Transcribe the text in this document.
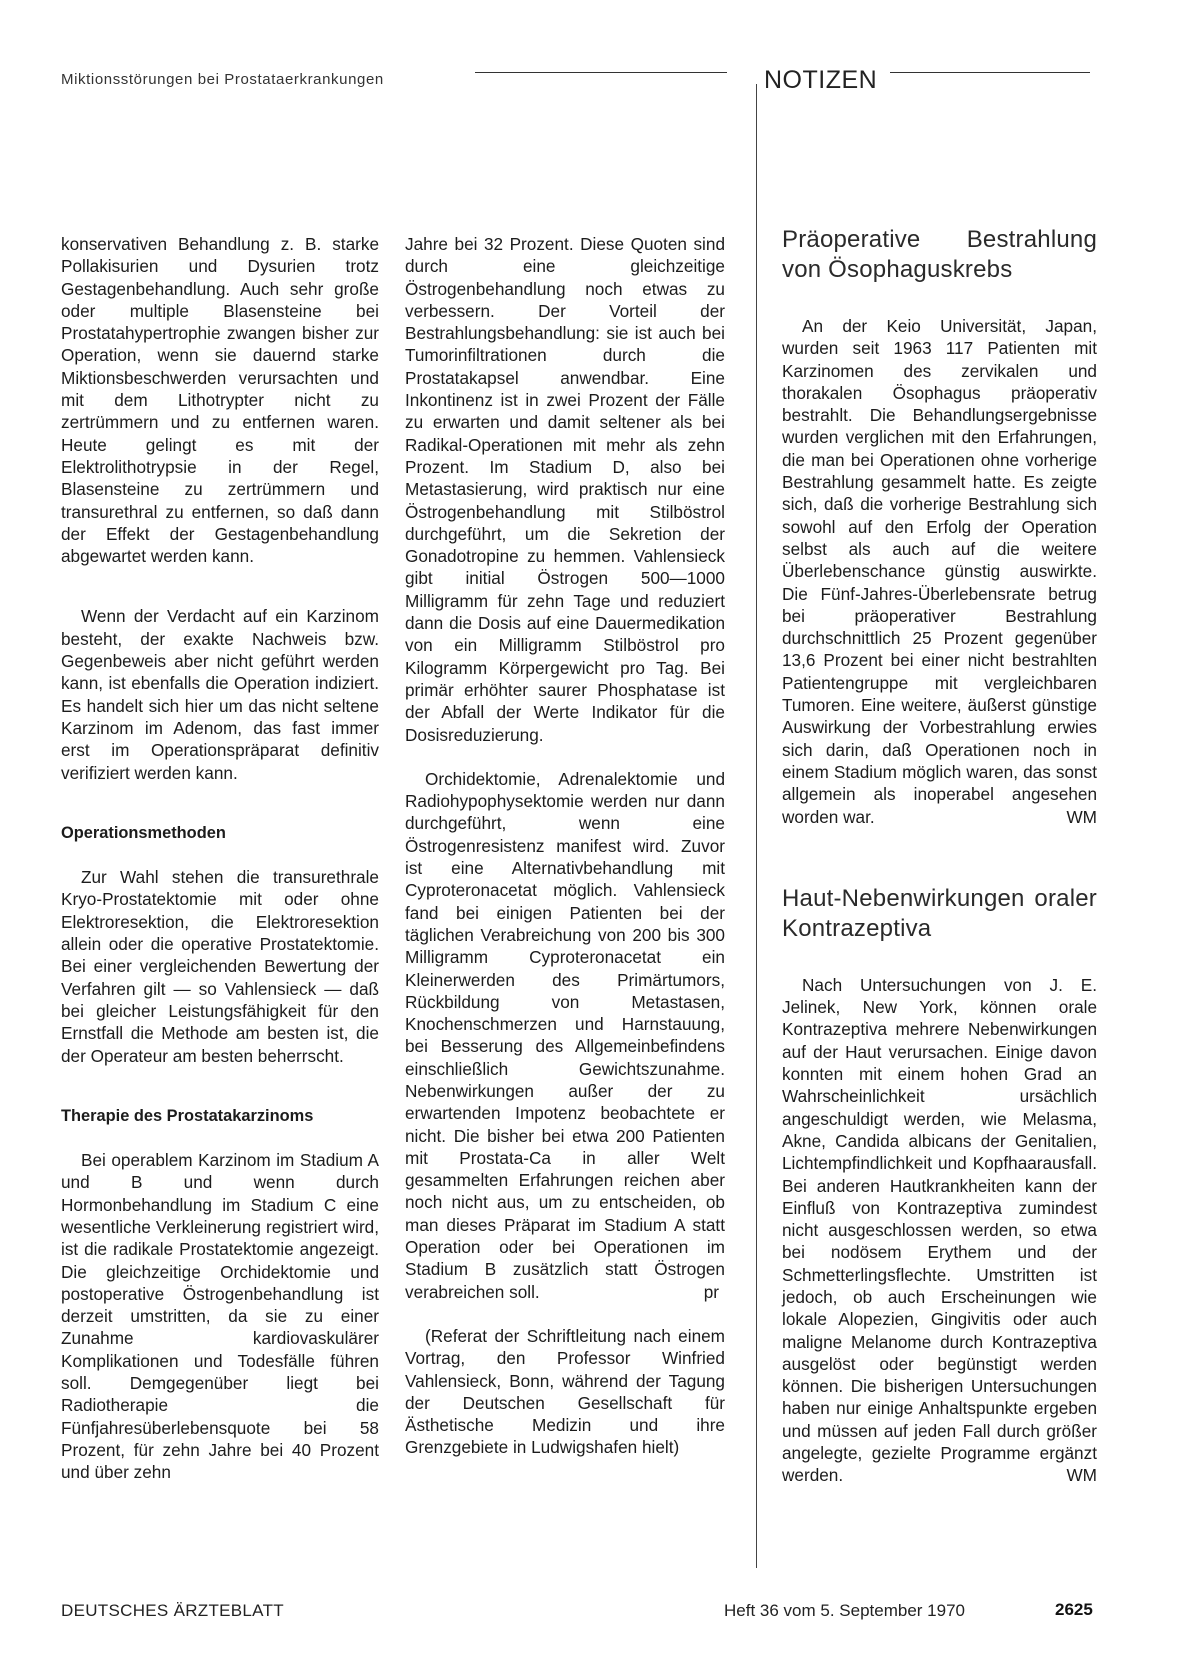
Miktionsstörungen bei Prostataerkrankungen	NOTIZEN

konservativen Behandlung z. B. starke Pollakisurien und Dysurien trotz Gestagenbehandlung. Auch sehr große oder multiple Blasensteine bei Prostatahypertrophie zwangen bisher zur Operation, wenn sie dauernd starke Miktionsbeschwerden verursachten und mit dem Lithotrypter nicht zu zertrümmern und zu entfernen waren. Heute gelingt es mit der Elektrolithotrypsie in der Regel, Blasensteine zu zertrümmern und transurethral zu entfernen, so daß dann der Effekt der Gestagenbehandlung abgewartet werden kann.

Wenn der Verdacht auf ein Karzinom besteht, der exakte Nachweis bzw. Gegenbeweis aber nicht geführt werden kann, ist ebenfalls die Operation indiziert. Es handelt sich hier um das nicht seltene Karzinom im Adenom, das fast immer erst im Operationspräparat definitiv verifiziert werden kann.

Operationsmethoden

Zur Wahl stehen die transurethrale Kryo-Prostatektomie mit oder ohne Elektroresektion, die Elektroresektion allein oder die operative Prostatektomie. Bei einer vergleichenden Bewertung der Verfahren gilt — so Vahlensieck — daß bei gleicher Leistungsfähigkeit für den Ernstfall die Methode am besten ist, die der Operateur am besten beherrscht.

Therapie des Prostatakarzinoms

Bei operablem Karzinom im Stadium A und B und wenn durch Hormonbehandlung im Stadium C eine wesentliche Verkleinerung registriert wird, ist die radikale Prostatektomie angezeigt. Die gleichzeitige Orchidektomie und postoperative Östrogenbehandlung ist derzeit umstritten, da sie zu einer Zunahme kardiovaskulärer Komplikationen und Todesfälle führen soll. Demgegenüber liegt bei Radiotherapie die Fünfjahresüberlebensquote bei 58 Prozent, für zehn Jahre bei 40 Prozent und über zehn

Jahre bei 32 Prozent. Diese Quoten sind durch eine gleichzeitige Östrogenbehandlung noch etwas zu verbessern. Der Vorteil der Bestrahlungsbehandlung: sie ist auch bei Tumorinfiltrationen durch die Prostatakapsel anwendbar. Eine Inkontinenz ist in zwei Prozent der Fälle zu erwarten und damit seltener als bei Radikal-Operationen mit mehr als zehn Prozent. Im Stadium D, also bei Metastasierung, wird praktisch nur eine Östrogenbehandlung mit Stilböstrol durchgeführt, um die Sekretion der Gonadotropine zu hemmen. Vahlensieck gibt initial Östrogen 500—1000 Milligramm für zehn Tage und reduziert dann die Dosis auf eine Dauermedikation von ein Milligramm Stilböstrol pro Kilogramm Körpergewicht pro Tag. Bei primär erhöhter saurer Phosphatase ist der Abfall der Werte Indikator für die Dosisreduzierung.

Orchidektomie, Adrenalektomie und Radiohypophysektomie werden nur dann durchgeführt, wenn eine Östrogenresistenz manifest wird. Zuvor ist eine Alternativbehandlung mit Cyproteronacetat möglich. Vahlensieck fand bei einigen Patienten bei der täglichen Verabreichung von 200 bis 300 Milligramm Cyproteronacetat ein Kleinerwerden des Primärtumors, Rückbildung von Metastasen, Knochenschmerzen und Harnstauung, bei Besserung des Allgemeinbefindens einschließlich Gewichtszunahme. Nebenwirkungen außer der zu erwartenden Impotenz beobachtete er nicht. Die bisher bei etwa 200 Patienten mit Prostata-Ca in aller Welt gesammelten Erfahrungen reichen aber noch nicht aus, um zu entscheiden, ob man dieses Präparat im Stadium A statt Operation oder bei Operationen im Stadium B zusätzlich statt Östrogen verabreichen soll.	pr

(Referat der Schriftleitung nach einem Vortrag, den Professor Winfried Vahlensieck, Bonn, während der Tagung der Deutschen Gesellschaft für Ästhetische Medizin und ihre Grenzgebiete in Ludwigshafen hielt)

Präoperative Bestrahlung von Ösophaguskrebs

An der Keio Universität, Japan, wurden seit 1963 117 Patienten mit Karzinomen des zervikalen und thorakalen Ösophagus präoperativ bestrahlt. Die Behandlungsergebnisse wurden verglichen mit den Erfahrungen, die man bei Operationen ohne vorherige Bestrahlung gesammelt hatte. Es zeigte sich, daß die vorherige Bestrahlung sich sowohl auf den Erfolg der Operation selbst als auch auf die weitere Überlebenschance günstig auswirkte. Die Fünf-Jahres-Überlebensrate betrug bei präoperativer Bestrahlung durchschnittlich 25 Prozent gegenüber 13,6 Prozent bei einer nicht bestrahlten Patientengruppe mit vergleichbaren Tumoren. Eine weitere, äußerst günstige Auswirkung der Vorbestrahlung erwies sich darin, daß Operationen noch in einem Stadium möglich waren, das sonst allgemein als inoperabel angesehen worden war.	WM

Haut-Nebenwirkungen oraler Kontrazeptiva

Nach Untersuchungen von J. E. Jelinek, New York, können orale Kontrazeptiva mehrere Nebenwirkungen auf der Haut verursachen. Einige davon konnten mit einem hohen Grad an Wahrscheinlichkeit ursächlich angeschuldigt werden, wie Melasma, Akne, Candida albicans der Genitalien, Lichtempfindlichkeit und Kopfhaarausfall. Bei anderen Hautkrankheiten kann der Einfluß von Kontrazeptiva zumindest nicht ausgeschlossen werden, so etwa bei nodösem Erythem und der Schmetterlingsflechte. Umstritten ist jedoch, ob auch Erscheinungen wie lokale Alopezien, Gingivitis oder auch maligne Melanome durch Kontrazeptiva ausgelöst oder begünstigt werden können. Die bisherigen Untersuchungen haben nur einige Anhaltspunkte ergeben und müssen auf jeden Fall durch größer angelegte, gezielte Programme ergänzt werden.	WM

DEUTSCHES ÄRZTEBLATT	Heft 36 vom 5. September 1970	2625
